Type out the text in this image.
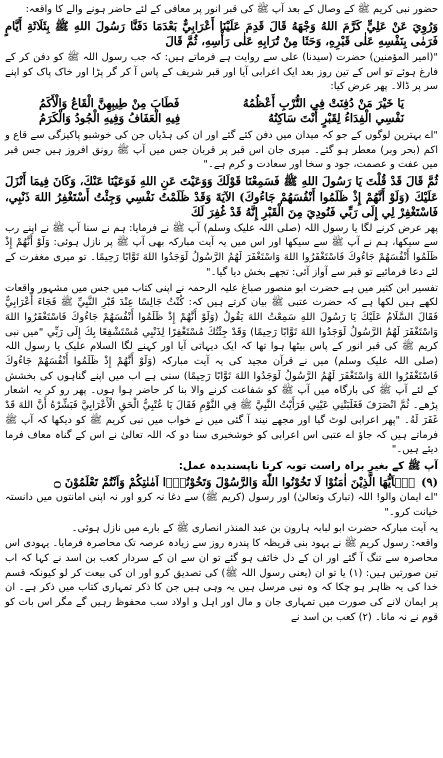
حضور نبی کریم ﷺ کے وصال کے بعد آپ ﷺ کی قبر انور پر معافی کے لئے حاضر ہونے والے کا واقعہ:

وَرُوِيَ عَنْ عَلِيٍّ كَرَّمَ اللهُ وَجْهَهُ قَالَ قَدِمَ عَلَيْنَا أَعْرَابِيٌّ بَعْدَمَا دَفَنَّا رَسُولَ اللهِ ﷺ بِثَلَاثَةِ أَيَّامٍ فَرَمٰى بِنَفْسِهِ عَلٰى قَبْرِهِ، وَحَثَا مِنْ تُرَابِهِ عَلٰى رَأْسِهِ، ثُمَّ قَالَ

"(امیر المؤمنین) حضرت (سیدنا) علی سے روایت ہے فرماتے ہیں: کہ جب رسول اللہ ﷺ کو دفن کر کے فارغ ہوئے تو اس کے تین روز بعد ایک اعرابی آیا اور قبر شریف کے پاس آ کر گر پڑا اور خاک پاک کو اپنے سر پر ڈالا۔ پھر عرض کیا:

يَا خَيْرَ مَنْ دُفِنَتْ فِي التُّرْبِ أَعْظُمُهُ
فَطَابَ مِنْ طِيبِهِنَّ الْقَاعُ وَالْأَكَمُ
نَفْسِي الْفِدَاءُ لِقَبْرٍ أَنْتَ سَاكِنُهُ
فِيهِ الْعَفَافُ وَفِيهِ الْجُودُ وَالْكَرَمُ

"اے بہترین لوگوں کے جو کہ میدان میں دفن کئے گئے اور ان کی ہڈیاں جن کی خوشبو پاکیزگی سے قاع و اکم (بحر وبر) معطر ہو گئے۔ میری جان اس قبر پر قربان جس میں آپ ﷺ رونق افروز ہیں جس قبر میں عفت و عصمت، جود و سخا اور سعادت و کرم ہے۔"

ثُمَّ قَالَ قَدْ قُلْتَ يَا رَسُولَ اللهِ ﷺ فَسَمِعْنَا قَوْلَكَ وَوَعَيْتَ عَنِ اللهِ فَوَعَيْنَا عَنْكَ، وَكَانَ فِيمَا أَنْزَلَ عَلَيْكَ (وَلَوْ أَنَّهُمْ إِذْ ظَلَمُوا أَنْفُسَهُمْ جَاءُوكَ) الآيَةَ وَقَدْ ظَلَمْتُ نَفْسِي وَجِئْتُ أَسْتَغْفِرُ اللهَ ذَنْبِي، فَاسْتَغْفِرْ لِي إِلَى رَبِّي فَنُودِيَ مِنَ الْقَبْرِ إِنَّهُ قَدْ غُفِرَ لَكَ

پھر عرض کرنے لگا یا رسول اللہ (صلی اللہ علیک وسلم) آپ ﷺ نے فرمایا: ہم نے سنا آپ ﷺ نے اپنے رب سے سیکھا، ہم نے آپ ﷺ سے سیکھا اور اس میں یہ آیت مبارکہ بھی آپ ﷺ پر نازل ہوئی: وَلَوْ أَنَّهُمْ إِذْ ظَلَمُوا أَنْفُسَهُمْ جَاءُوكَ فَاسْتَغْفَرُوا اللهَ وَاسْتَغْفَرَ لَهُمُ الرَّسُولُ لَوَجَدُوا اللهَ تَوَّابًا رَحِيمًا۔ تو میری مغفرت کے لئے دعا فرمائیے تو قبر سے آواز آئی: تجھے بخش دیا گیا۔"

تفسیر ابن کثیر میں ہے حضرت ابو منصور صباغ علیہ الرحمہ نے اپنی کتاب میں جس میں مشہور واقعات لکھے ہیں لکھا ہے کہ حضرت عتبی ﷺ بیان کرتے ہیں کہ: كُنْتُ جَالِسًا عِنْدَ قَبْرِ النَّبِيِّ ﷺ فَجَاءَ أَعْرَابِيٌّ فَقَالَ السَّلَامُ عَلَيْكَ يَا رَسُولَ اللهِ سَمِعْتُ اللهَ يَقُولُ (وَلَوْ أَنَّهُمْ إِذْ ظَلَمُوا أَنْفُسَهُمْ جَاءُوكَ فَاسْتَغْفَرُوا اللهَ وَاسْتَغْفَرَ لَهُمُ الرَّسُولُ لَوَجَدُوا اللهَ تَوَّابًا رَحِيمًا) وَقَدْ جِئْتُكَ مُسْتَغْفِرًا لِذَنْبِي مُسْتَشْفِعًا بِكَ إِلَى رَبِّي "میں نبی کریم ﷺ کی قبر انور کے پاس بیٹھا ہوا تھا کہ ایک دیہاتی آیا اور کہنے لگا السلام علیک یا رسول اللہ (صلی اللہ علیک وسلم) میں نے قرآن مجید کی یہ آیت مبارکہ (وَلَوْ أَنَّهُمْ إِذْ ظَلَمُوا أَنْفُسَهُمْ جَاءُوكَ فَاسْتَغْفَرُوا اللهَ وَاسْتَغْفَرَ لَهُمُ الرَّسُولُ لَوَجَدُوا اللهَ تَوَّابًا رَحِيمًا) سنی ہے اب میں اپنے گناہوں کی بخشش کے لئے آپ ﷺ کی بارگاہ میں آپ ﷺ کو شفاعت کرنے والا بنا کر حاضر ہوا ہوں۔ پھر رو کر یہ اشعار پڑھے۔ ثُمَّ انْصَرَفَ فَغَلَبَتْنِي عَيْنِي فَرَأَيْتُ النَّبِيَّ ﷺ فِي النَّوْمِ فَقَالَ يَا عُتْبِيُّ الْحَقِ الْأَعْرَابِيَّ فَبَشِّرْهُ أَنَّ اللهَ قَدْ غَفَرَ لَهُ۔ "پھر اعرابی لوٹ گیا اور مجھے نیند آ گئی میں نے خواب میں نبی کریم ﷺ کو دیکھا کہ آپ ﷺ فرماتے ہیں کہ جاؤ اے عتبی اس اعرابی کو خوشخبری سنا دو کہ اللہ تعالیٰ نے اس کے گناہ معاف فرما دیئے ہیں۔"

آپ ﷺ کے بغیر براہ راست توبہ کرنا ناپسندیدہ عمل:

(۹)
يٰۤاَيُّهَا الَّذِيْنَ اٰمَنُوْا لَا تَخُوْنُوا اللّٰهَ وَالرَّسُوْلَ وَتَخُوْنُوْۤا اَمٰنٰتِكُمْ وَاَنْتُمْ تَعْلَمُوْنَ ۝

"اے ایمان والو! اللہ (تبارک وتعالیٰ) اور رسول (کریم ﷺ) سے دغا نہ کرو اور نہ اپنی امانتوں میں دانستہ خیانت کرو۔"

یہ آیت مبارکہ حضرت ابو لبابہ ہارون بن عبد المنذر انصاری ﷺ کے بارے میں نازل ہوئی۔

واقعہ: رسول کریم ﷺ نے یہود بنی قریظہ کا پندرہ روز سے زیادہ عرصہ تک محاصرہ فرمایا۔ یہودی اس محاصرہ سے تنگ آ گئے اور ان کے دل خائف ہو گئے تو ان سے ان کے سردار کعب بن اسد نے کہا کہ اب تین صورتیں ہیں: (۱) یا تو ان (یعنی رسول اللہ ﷺ) کی تصدیق کرو اور ان کی بیعت کر لو کیونکہ قسم خدا کی یہ ظاہر ہو چکا کہ وہ نبی مرسل ہیں یہ وہی ہیں جن کا ذکر تمہاری کتاب میں ذکر ہے۔ ان پر ایمان لانے کی صورت میں تمہاری جان و مال اور اہل و اولاد سب محفوظ رہیں گے مگر اس بات کو قوم نے نہ مانا۔ (۲) کعب بن اسد نے
